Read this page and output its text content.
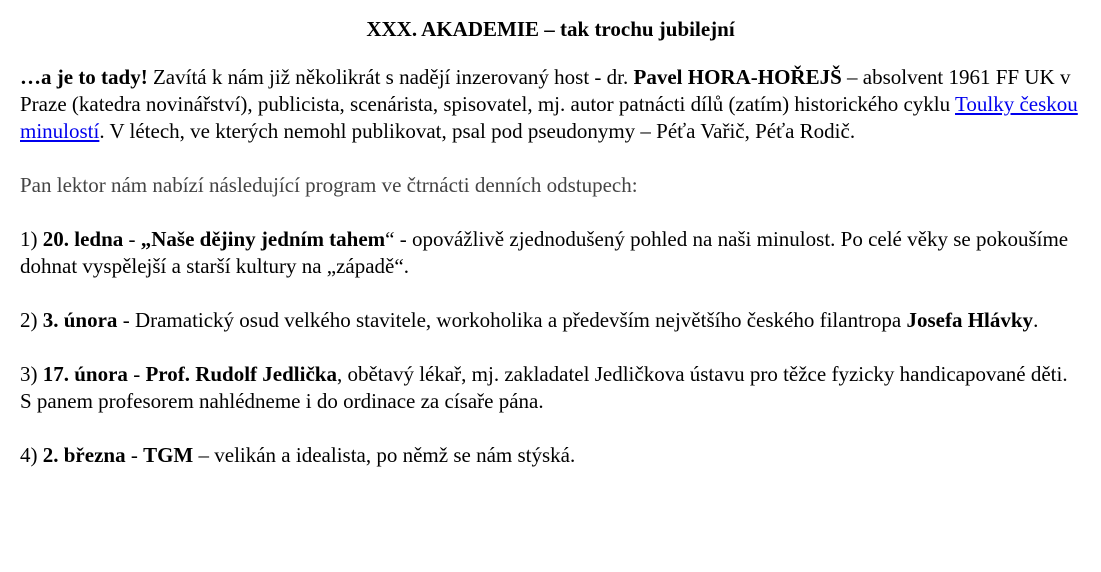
XXX. AKADEMIE – tak trochu jubilejní

…a je to tady! Zavítá k nám již několikrát s nadějí inzerovaný host - dr. Pavel HORA-HOŘEJŠ – absolvent 1961 FF UK v Praze (katedra novinářství), publicista, scenárista, spisovatel, mj. autor patnácti dílů (zatím) historického cyklu Toulky českou minulostí. V létech, ve kterých nemohl publikovat, psal pod pseudonymy – Péťa Vařič, Péťa Rodič.

Pan lektor nám nabízí následující program ve čtrnácti denních odstupech:

1) 20. ledna - „Naše dějiny jedním tahem“ - opovážlivě zjednodušený pohled na naši minulost. Po celé věky se pokoušíme dohnat vyspělejší a starší kultury na „západě“.

2) 3. února - Dramatický osud velkého stavitele, workoholika a především největšího českého filantropa Josefa Hlávky.

3) 17. února - Prof. Rudolf Jedlička, obětavý lékař, mj. zakladatel Jedličkova ústavu pro těžce fyzicky handicapované děti. S panem profesorem nahlédneme i do ordinace za císaře pána.

4) 2. března - TGM – velikán a idealista, po němž se nám stýská.
